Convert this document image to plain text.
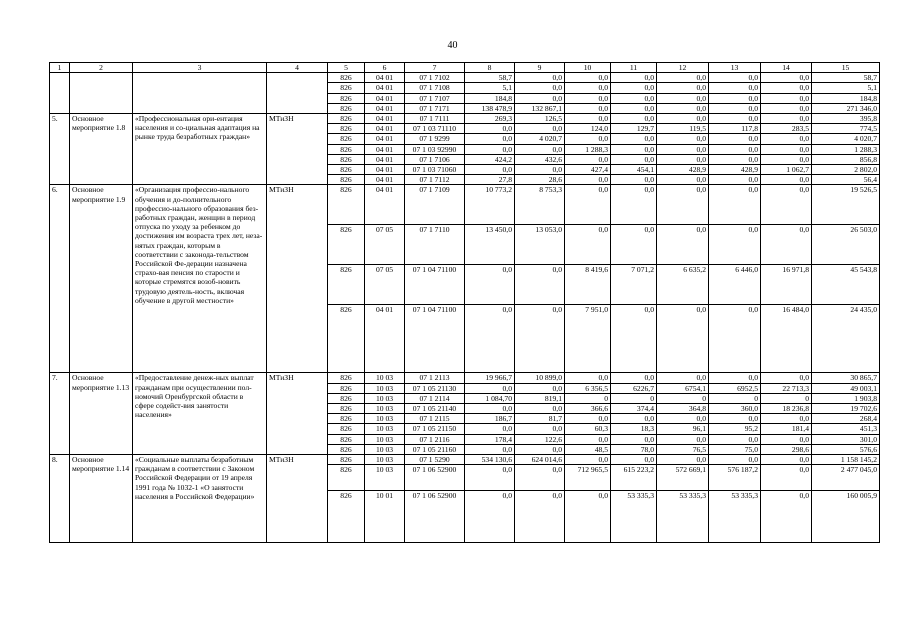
40
1	2	3	4	5	6	7	8	9	10	11	12	13	14	15
				826	04 01	07 1 7102	58,7	0,0	0,0	0,0	0,0	0,0	0,0	58,7
				826	04 01	07 1 7108	5,1	0,0	0,0	0,0	0,0	0,0	0,0	5,1
				826	04 01	07 1 7107	184,8	0,0	0,0	0,0	0,0	0,0	0,0	184,8
				826	04 01	07 1 7171	138 478,9	132 867,1	0,0	0,0	0,0	0,0	0,0	271 346,0
5.	Основное мероприятие 1.8	«Профессиональная ори-ентация населения и со-циальная адаптация на рынке труда безработных граждан»	МТиЗН	826	04 01	07 1 7111	269,3	126,5	0,0	0,0	0,0	0,0	0,0	395,8
				826	04 01	07 1 03 71110	0,0	0,0	124,0	129,7	119,5	117,8	283,5	774,5
				826	04 01	07 1 9299	0,0	4 020,7	0,0	0,0	0,0	0,0	0,0	4 020,7
				826	04 01	07 1 03 92990	0,0	0,0	1 288,3	0,0	0,0	0,0	0,0	1 288,3
				826	04 01	07 1 7106	424,2	432,6	0,0	0,0	0,0	0,0	0,0	856,8
				826	04 01	07 1 03 71060	0,0	0,0	427,4	454,1	428,9	428,9	1 062,7	2 802,0
				826	04 01	07 1 7112	27,8	28,6	0,0	0,0	0,0	0,0	0,0	56,4
6.	Основное мероприятие 1.9	«Организация профессио-нального обучения и до-полнительного профессио-нального образования без-работных граждан, женщин в период отпуска по уходу за ребенком до достижения им возраста трех лет, неза-нятых граждан, которым в соответствии с законода-тельством Российской Фе-дерации назначена страхо-вая пенсия по старости и которые стремятся возоб-новить трудовую деятель-ность, включая обучение в другой местности»	МТиЗН	826	04 01	07 1 7109	10 773,2	8 753,3	0,0	0,0	0,0	0,0	0,0	19 526,5
				826	07 05	07 1 7110	13 450,0	13 053,0	0,0	0,0	0,0	0,0	0,0	26 503,0
				826	07 05	07 1 04 71100	0,0	0,0	8 419,6	7 071,2	6 635,2	6 446,0	16 971,8	45 543,8
				826	04 01	07 1 04 71100	0,0	0,0	7 951,0	0,0	0,0	0,0	16 484,0	24 435,0
7.	Основное мероприятие 1.13	«Предоставление денеж-ных выплат гражданам при осуществлении пол-номочий Оренбургской области в сфере содейст-вия занятости населения»	МТиЗН	826	10 03	07 1 2113	19 966,7	10 899,0	0,0	0,0	0,0	0,0	0,0	30 865,7
				826	10 03	07 1 05 21130	0,0	0,0	6 356,5	6226,7	6754,1	6952,5	22 713,3	49 003,1
				826	10 03	07 1 2114	1 084,70	819,1	0	0	0	0	0	1 903,8
				826	10 03	07 1 05 21140	0,0	0,0	366,6	374,4	364,8	360,0	18 236,8	19 702,6
				826	10 03	07 1 2115	186,7	81,7	0,0	0,0	0,0	0,0	0,0	268,4
				826	10 03	07 1 05 21150	0,0	0,0	60,3	18,3	96,1	95,2	181,4	451,3
				826	10 03	07 1 2116	178,4	122,6	0,0	0,0	0,0	0,0	0,0	301,0
				826	10 03	07 1 05 21160	0,0	0,0	48,5	78,0	76,5	75,0	298,6	576,6
8.	Основное мероприятие 1.14	«Социальные выплаты безработным гражданам в соответствии с Законом Российской Федерации от 19 апреля 1991 года № 1032-1 «О занятости населения в Российской Федерации»	МТиЗН	826	10 03	07 1 5290	534 130,6	624 014,6	0,0	0,0	0,0	0,0	0,0	1 158 145,2
				826	10 03	07 1 06 52900	0,0	0,0	712 965,5	615 223,2	572 669,1	576 187,2	0,0	2 477 045,0
				826	10 01	07 1 06 52900	0,0	0,0	0,0	53 335,3	53 335,3	53 335,3	0,0	160 005,9
